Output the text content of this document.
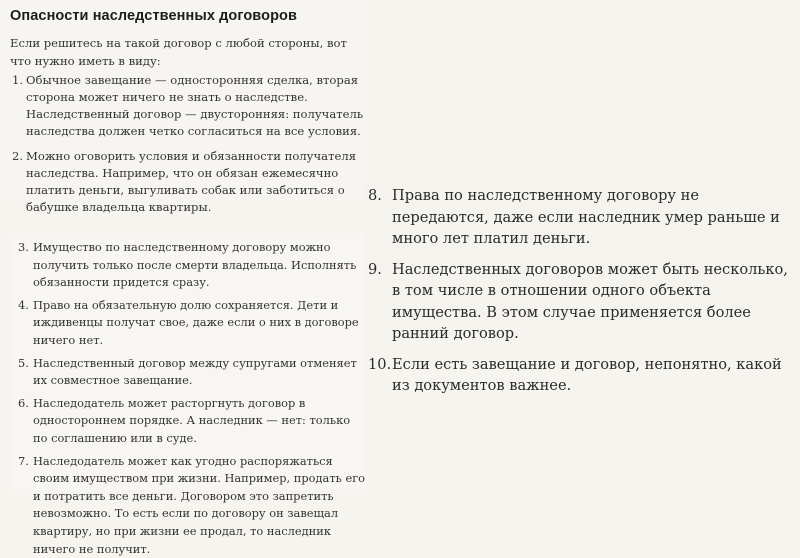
Опасности наследственных договоров
Если решитесь на такой договор с любой стороны, вот что нужно иметь в виду:
1. Обычное завещание — односторонняя сделка, вторая сторона может ничего не знать о наследстве. Наследственный договор — двусторонняя: получатель наследства должен четко согласиться на все условия.
2. Можно оговорить условия и обязанности получателя наследства. Например, что он обязан ежемесячно платить деньги, выгуливать собак или заботиться о бабушке владельца квартиры.
3. Имущество по наследственному договору можно получить только после смерти владельца. Исполнять обязанности придется сразу.
4. Право на обязательную долю сохраняется. Дети и иждивенцы получат свое, даже если о них в договоре ничего нет.
5. Наследственный договор между супругами отменяет их совместное завещание.
6. Наследодатель может расторгнуть договор в одностороннем порядке. А наследник — нет: только по соглашению или в суде.
7. Наследодатель может как угодно распоряжаться своим имуществом при жизни. Например, продать его и потратить все деньги. Договором это запретить невозможно. То есть если по договору он завещал квартиру, но при жизни ее продал, то наследник ничего не получит.
8. Права по наследственному договору не передаются, даже если наследник умер раньше и много лет платил деньги.
9. Наследственных договоров может быть несколько, в том числе в отношении одного объекта имущества. В этом случае применяется более ранний договор.
10. Если есть завещание и договор, непонятно, какой из документов важнее.
